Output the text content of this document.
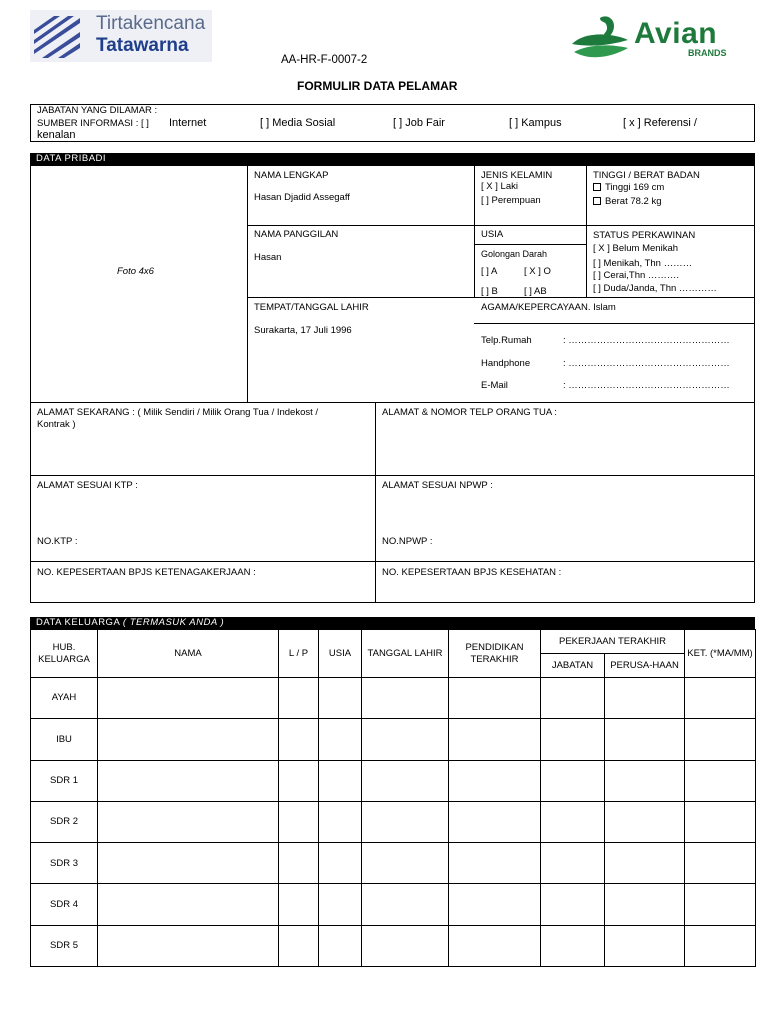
Tirtakencana
Tatawarna	Avian
BRANDS
AA-HR-F-0007-2
FORMULIR DATA PELAMAR
JABATAN YANG DILAMAR :
SUMBER INFORMASI : [ ] Internet	[ ] Media Sosial	[ ] Job Fair	[ ] Kampus	[ x ] Referensi /
kenalan
DATA PRIBADI
Foto 4x6
NAMA LENGKAP
Hasan Djadid Assegaff
JENIS KELAMIN
[ X ] Laki
[ ] Perempuan
TINGGI / BERAT BADAN
Tinggi 169 cm
Berat 78.2 kg
NAMA PANGGILAN
Hasan
USIA
Golongan Darah
[ ] A	[ X ] O
[ ] B	[ ] AB
STATUS PERKAWINAN
[ X ] Belum Menikah
[ ] Menikah, Thn ………
[ ] Cerai,Thn ……….
[ ] Duda/Janda, Thn …………
TEMPAT/TANGGAL LAHIR
Surakarta, 17 Juli 1996
AGAMA/KEPERCAYAAN. Islam
Telp.Rumah	: ……………………………………………
Handphone	: ……………………………………………
E-Mail	: ……………………………………………
ALAMAT SEKARANG : ( Milik Sendiri / Milik Orang Tua / Indekost /
Kontrak )
ALAMAT & NOMOR TELP ORANG TUA :
ALAMAT SESUAI KTP :	ALAMAT SESUAI NPWP :
NO.KTP :	NO.NPWP :
NO. KEPESERTAAN BPJS KETENAGAKERJAAN :	NO. KEPESERTAAN BPJS KESEHATAN :
DATA KELUARGA ( TERMASUK ANDA )
HUB. KELUARGA	NAMA	L / P	USIA	TANGGAL LAHIR	PENDIDIKAN TERAKHIR	PEKERJAAN TERAKHIR		KET. (*MA/MM)
						JABATAN	PERUSA-HAAN	
AYAH								
IBU								
SDR 1								
SDR 2								
SDR 3								
SDR 4								
SDR 5								
